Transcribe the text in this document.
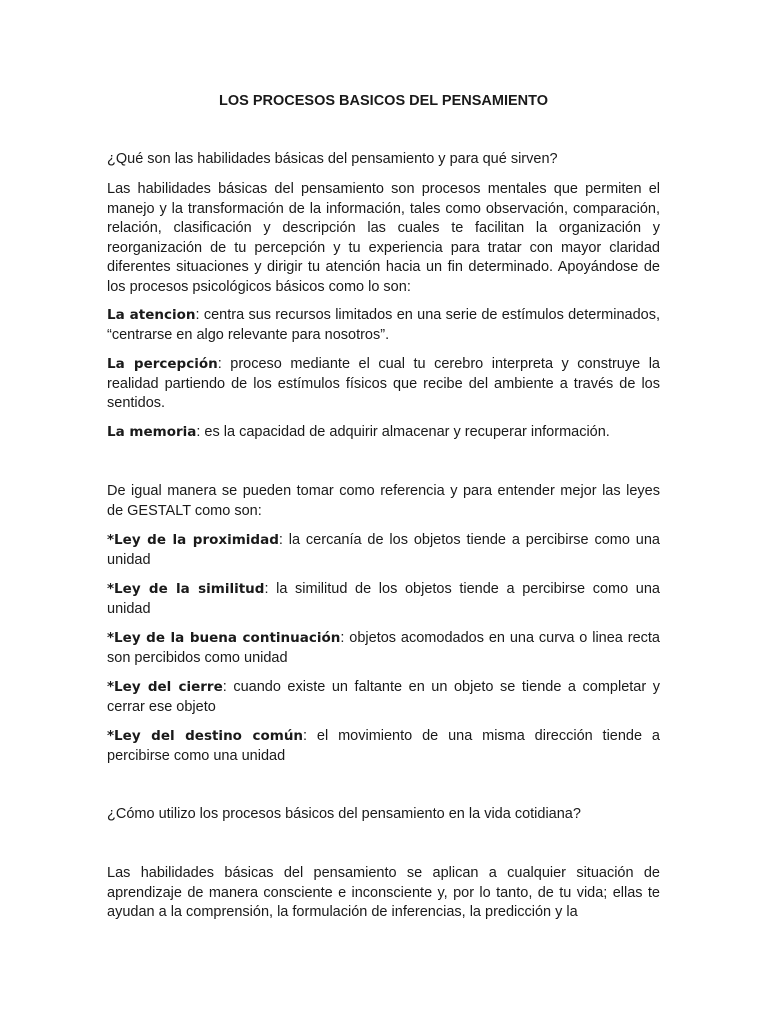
LOS PROCESOS BASICOS DEL PENSAMIENTO

¿Qué son las habilidades básicas del pensamiento y para qué sirven?

Las habilidades básicas del pensamiento son procesos mentales que permiten el manejo y la transformación de la información, tales como observación, comparación, relación, clasificación y descripción las cuales te facilitan la organización y reorganización de tu percepción y tu experiencia para tratar con mayor claridad diferentes situaciones y dirigir tu atención hacia un fin determinado. Apoyándose de los procesos psicológicos básicos como lo son:

La atencion: centra sus recursos limitados en una serie de estímulos determinados, “centrarse en algo relevante para nosotros”.

La percepción: proceso mediante el cual tu cerebro interpreta y construye la realidad partiendo de los estímulos físicos que recibe del ambiente a través de los sentidos.

La memoria: es la capacidad de adquirir almacenar y recuperar información.

De igual manera se pueden tomar como referencia y para entender mejor las leyes de GESTALT como son:

*Ley de la proximidad: la cercanía de los objetos tiende a percibirse como una unidad

*Ley de la similitud: la similitud de los objetos tiende a percibirse como una unidad

*Ley de la buena continuación: objetos acomodados en una curva o linea recta son percibidos como unidad

*Ley del cierre: cuando existe un faltante en un objeto se tiende a completar y cerrar ese objeto

*Ley del destino común: el movimiento de una misma dirección tiende a percibirse como una unidad

¿Cómo utilizo los procesos básicos del pensamiento en la vida cotidiana?

Las habilidades básicas del pensamiento se aplican a cualquier situación de aprendizaje de manera consciente e inconsciente y, por lo tanto, de tu vida; ellas te ayudan a la comprensión, la formulación de inferencias, la predicción y la
